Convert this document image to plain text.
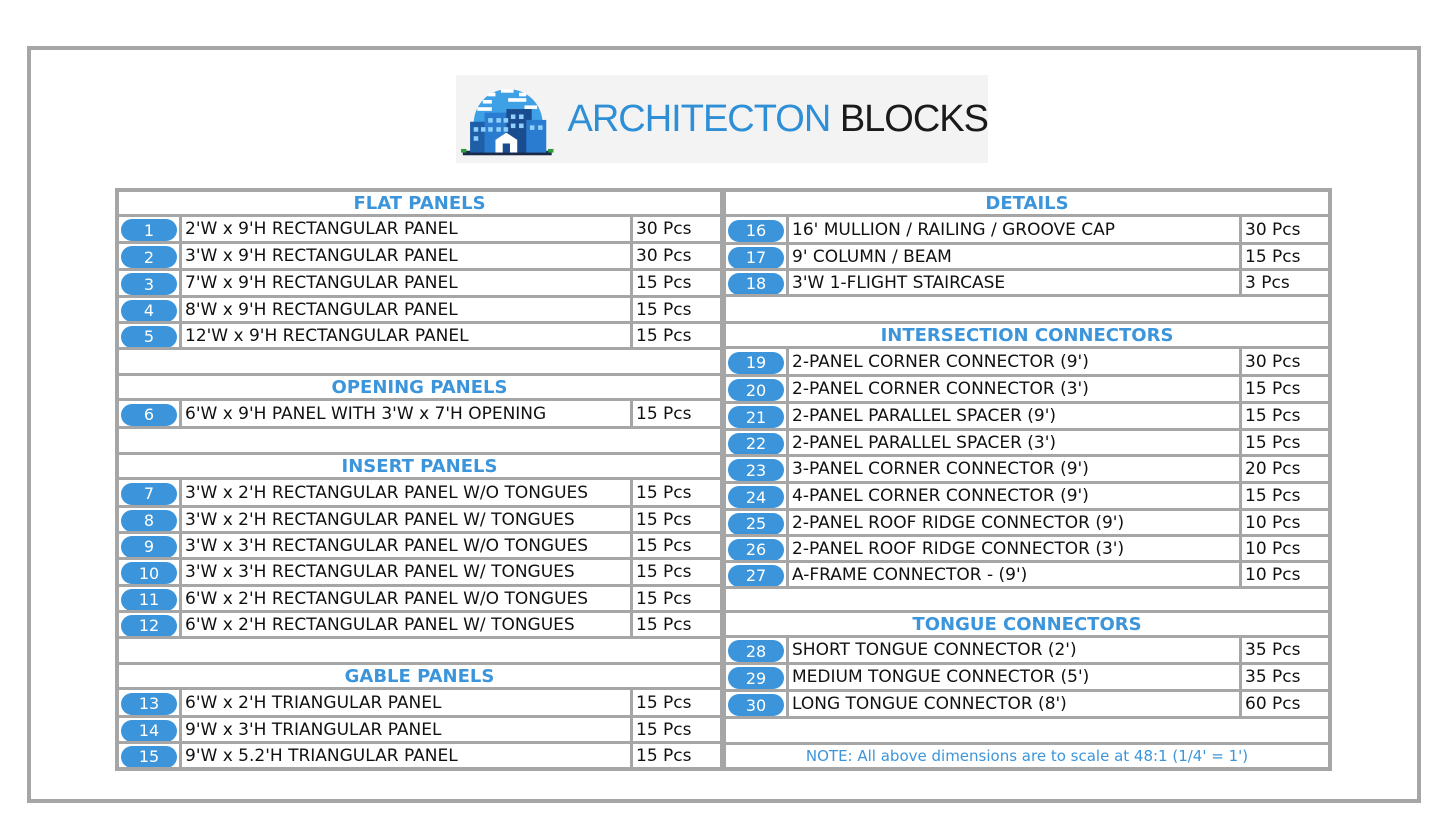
ARCHITECTON BLOCKS
FLAT PANELS
1	2'W x 9'H RECTANGULAR PANEL	30 Pcs
2	3'W x 9'H RECTANGULAR PANEL	30 Pcs
3	7'W x 9'H RECTANGULAR PANEL	15 Pcs
4	8'W x 9'H RECTANGULAR PANEL	15 Pcs
5	12'W x 9'H RECTANGULAR PANEL	15 Pcs
OPENING PANELS
6	6'W x 9'H PANEL WITH 3'W x 7'H OPENING	15 Pcs
INSERT PANELS
7	3'W x 2'H RECTANGULAR PANEL W/O TONGUES	15 Pcs
8	3'W x 2'H RECTANGULAR PANEL W/ TONGUES	15 Pcs
9	3'W x 3'H RECTANGULAR PANEL W/O TONGUES	15 Pcs
10	3'W x 3'H RECTANGULAR PANEL W/ TONGUES	15 Pcs
11	6'W x 2'H RECTANGULAR PANEL W/O TONGUES	15 Pcs
12	6'W x 2'H RECTANGULAR PANEL W/ TONGUES	15 Pcs
GABLE PANELS
13	6'W x 2'H TRIANGULAR PANEL	15 Pcs
14	9'W x 3'H TRIANGULAR PANEL	15 Pcs
15	9'W x 5.2'H TRIANGULAR PANEL	15 Pcs
DETAILS
16	16' MULLION / RAILING / GROOVE CAP	30 Pcs
17	9' COLUMN / BEAM	15 Pcs
18	3'W 1-FLIGHT STAIRCASE	3 Pcs
INTERSECTION CONNECTORS
19	2-PANEL CORNER CONNECTOR (9')	30 Pcs
20	2-PANEL CORNER CONNECTOR (3')	15 Pcs
21	2-PANEL PARALLEL SPACER (9')	15 Pcs
22	2-PANEL PARALLEL SPACER (3')	15 Pcs
23	3-PANEL CORNER CONNECTOR (9')	20 Pcs
24	4-PANEL CORNER CONNECTOR (9')	15 Pcs
25	2-PANEL ROOF RIDGE CONNECTOR (9')	10 Pcs
26	2-PANEL ROOF RIDGE CONNECTOR (3')	10 Pcs
27	A-FRAME CONNECTOR - (9')	10 Pcs
TONGUE CONNECTORS
28	SHORT TONGUE CONNECTOR (2')	35 Pcs
29	MEDIUM TONGUE CONNECTOR (5')	35 Pcs
30	LONG TONGUE CONNECTOR (8')	60 Pcs
NOTE: All above dimensions are to scale at 48:1 (1/4' = 1')
